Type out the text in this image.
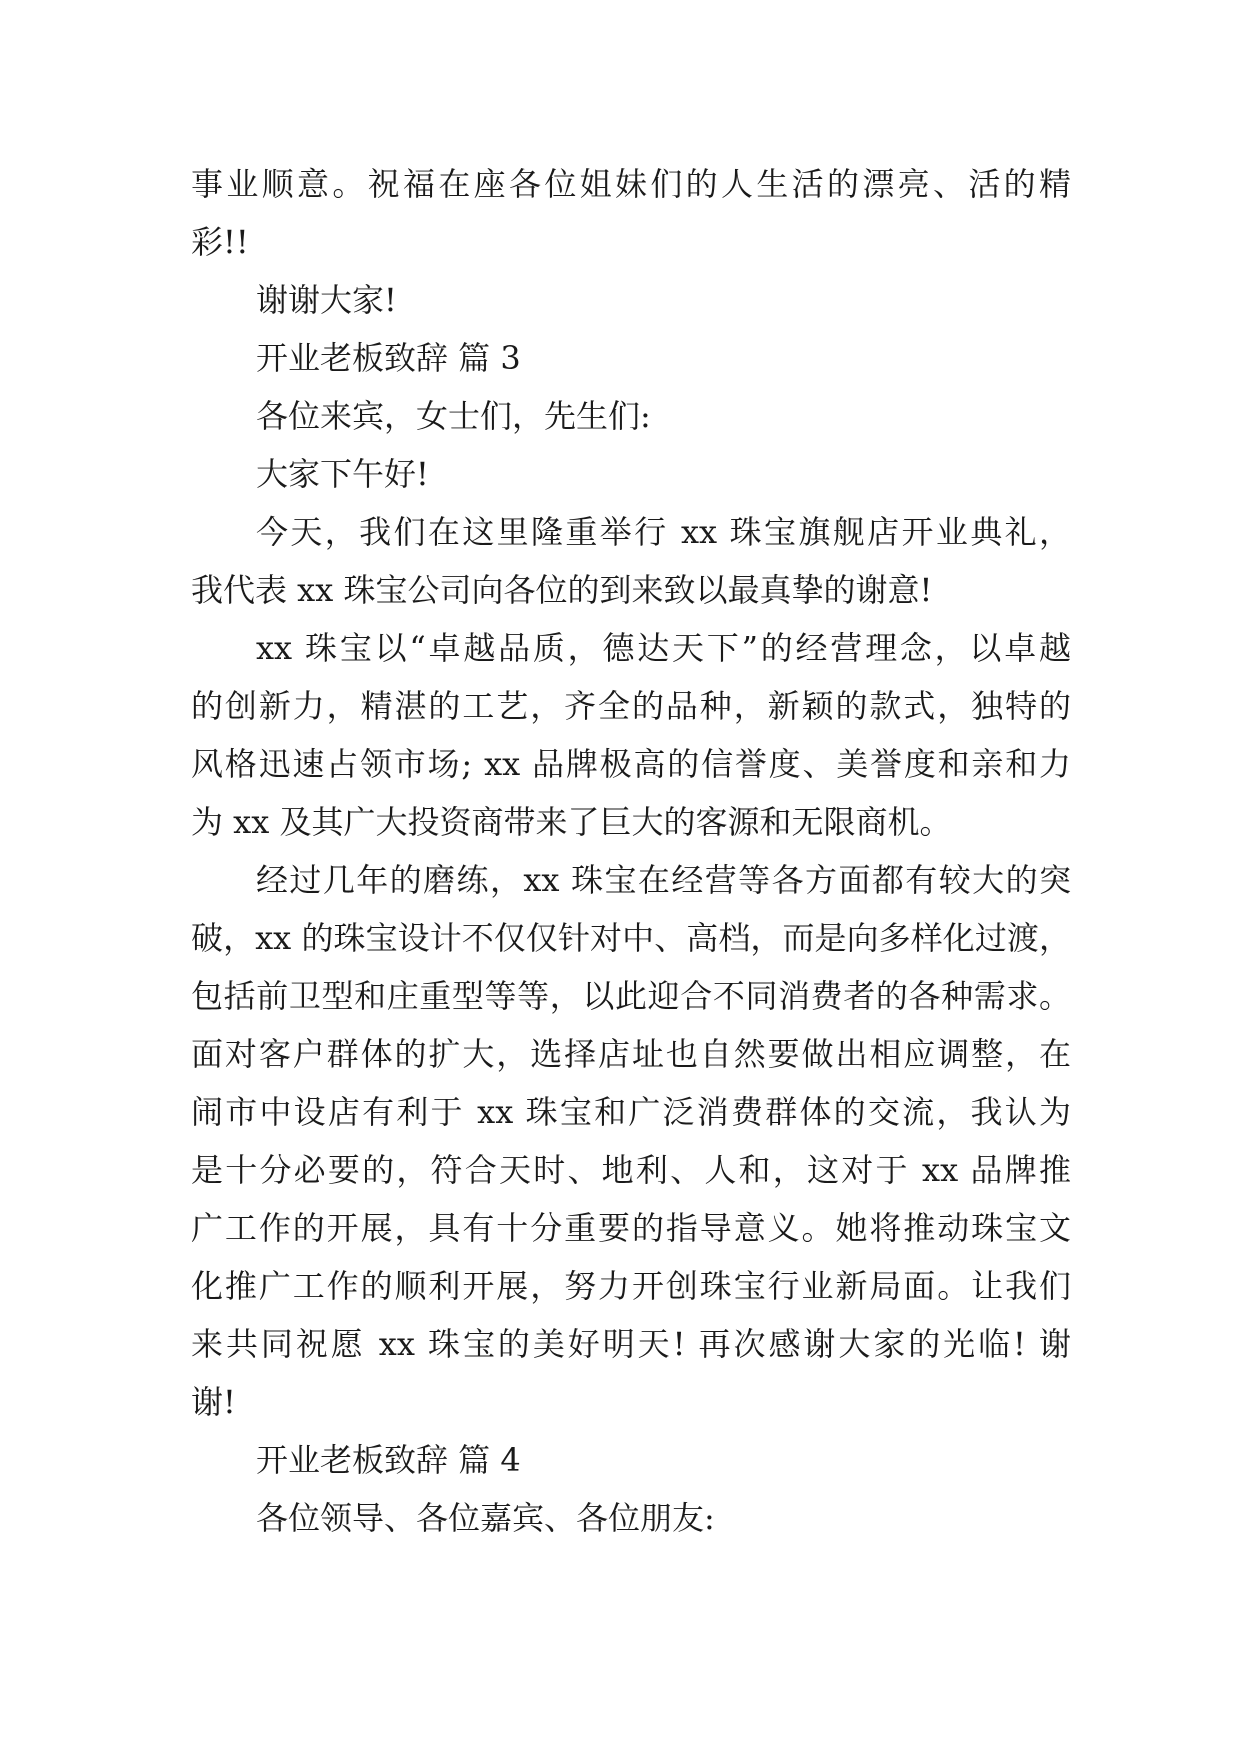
事业顺意。祝福在座各位姐妹们的人生活的漂亮、活的精
彩!!
谢谢大家!
开业老板致辞 篇 3
各位来宾，女士们，先生们:
大家下午好!
今天，我们在这里隆重举行 xx 珠宝旗舰店开业典礼，
我代表 xx 珠宝公司向各位的到来致以最真挚的谢意!
xx 珠宝以“卓越品质，德达天下”的经营理念，以卓越
的创新力，精湛的工艺，齐全的品种，新颖的款式，独特的
风格迅速占领市场; xx 品牌极高的信誉度、美誉度和亲和力
为 xx 及其广大投资商带来了巨大的客源和无限商机。
经过几年的磨练，xx 珠宝在经营等各方面都有较大的突
破，xx 的珠宝设计不仅仅针对中、高档，而是向多样化过渡，
包括前卫型和庄重型等等，以此迎合不同消费者的各种需求。
面对客户群体的扩大，选择店址也自然要做出相应调整，在
闹市中设店有利于 xx 珠宝和广泛消费群体的交流，我认为
是十分必要的，符合天时、地利、人和，这对于 xx 品牌推
广工作的开展，具有十分重要的指导意义。她将推动珠宝文
化推广工作的顺利开展，努力开创珠宝行业新局面。让我们
来共同祝愿 xx 珠宝的美好明天! 再次感谢大家的光临! 谢
谢!
开业老板致辞 篇 4
各位领导、各位嘉宾、各位朋友:
